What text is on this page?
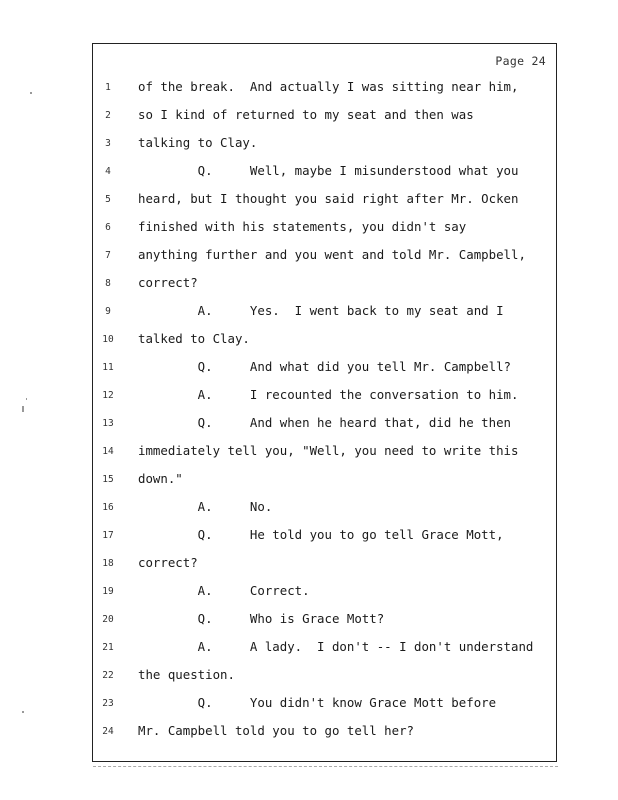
Page 24
1	of the break.  And actually I was sitting near him,
2	so I kind of returned to my seat and then was
3	talking to Clay.
4	Q.     Well, maybe I misunderstood what you
5	heard, but I thought you said right after Mr. Ocken
6	finished with his statements, you didn't say
7	anything further and you went and told Mr. Campbell,
8	correct?
9	A.     Yes.  I went back to my seat and I
10	talked to Clay.
11	Q.     And what did you tell Mr. Campbell?
12	A.     I recounted the conversation to him.
13	Q.     And when he heard that, did he then
14	immediately tell you, "Well, you need to write this
15	down."
16	A.     No.
17	Q.     He told you to go tell Grace Mott,
18	correct?
19	A.     Correct.
20	Q.     Who is Grace Mott?
21	A.     A lady.  I don't -- I don't understand
22	the question.
23	Q.     You didn't know Grace Mott before
24	Mr. Campbell told you to go tell her?
